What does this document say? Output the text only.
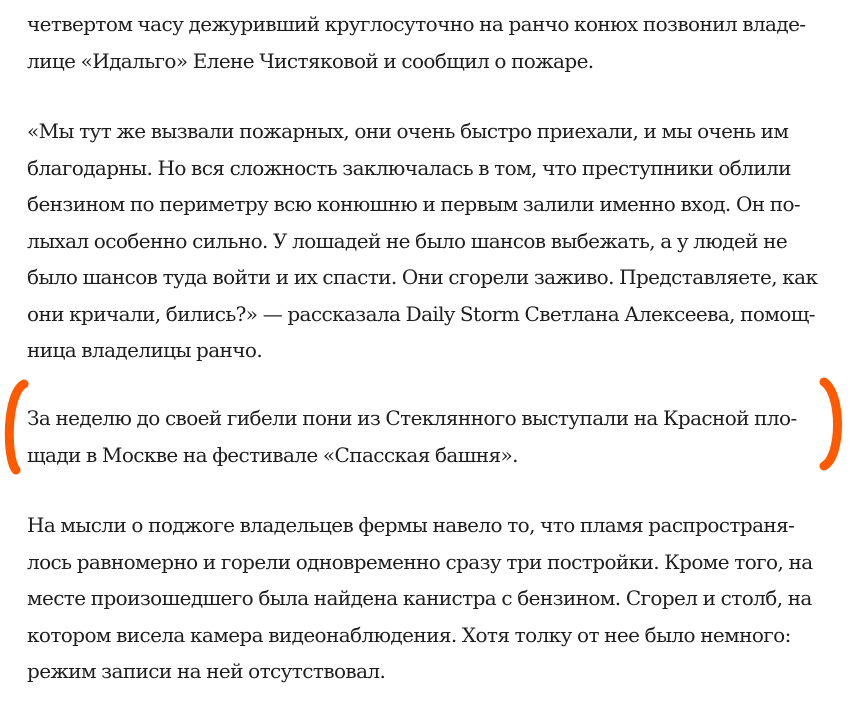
четвертом часу дежуривший круглосуточно на ранчо конюх позвонил владе-
лице «Идальго» Елене Чистяковой и сообщил о пожаре.

«Мы тут же вызвали пожарных, они очень быстро приехали, и мы очень им
благодарны. Но вся сложность заключалась в том, что преступники облили
бензином по периметру всю конюшню и первым залили именно вход. Он по-
лыхал особенно сильно. У лошадей не было шансов выбежать, а у людей не
было шансов туда войти и их спасти. Они сгорели заживо. Представляете, как
они кричали, бились?» — рассказала Daily Storm Светлана Алексеева, помощ-
ница владелицы ранчо.

За неделю до своей гибели пони из Стеклянного выступали на Красной пло-
щади в Москве на фестивале «Спасская башня».

На мысли о поджоге владельцев фермы навело то, что пламя распространя-
лось равномерно и горели одновременно сразу три постройки. Кроме того, на
месте произошедшего была найдена канистра с бензином. Сгорел и столб, на
котором висела камера видеонаблюдения. Хотя толку от нее было немного:
режим записи на ней отсутствовал.
